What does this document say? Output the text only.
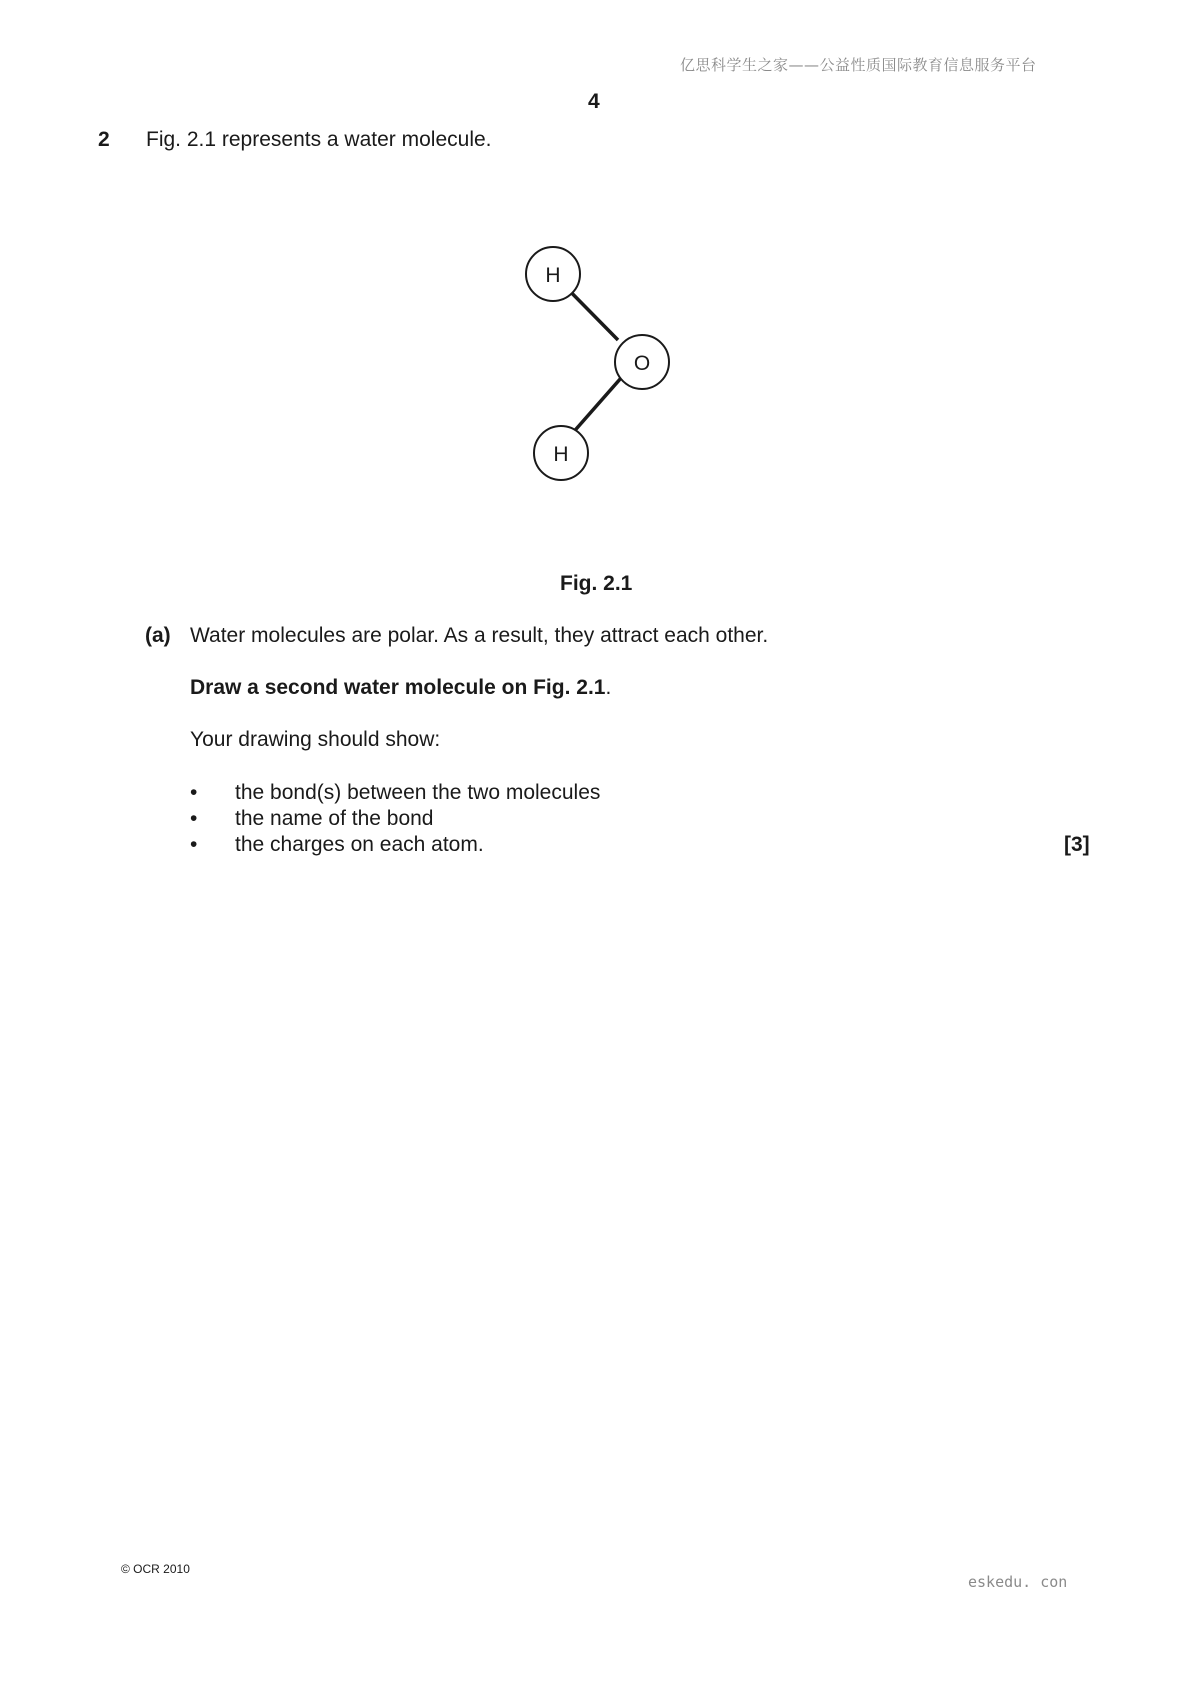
亿思科学生之家——公益性质国际教育信息服务平台
4
2 Fig. 2.1 represents a water molecule.
H
O
H
Fig. 2.1
(a) Water molecules are polar. As a result, they attract each other.
Draw a second water molecule on Fig. 2.1.
Your drawing should show:
• the bond(s) between the two molecules
• the name of the bond
• the charges on each atom.	[3]
© OCR 2010
eskedu. con
